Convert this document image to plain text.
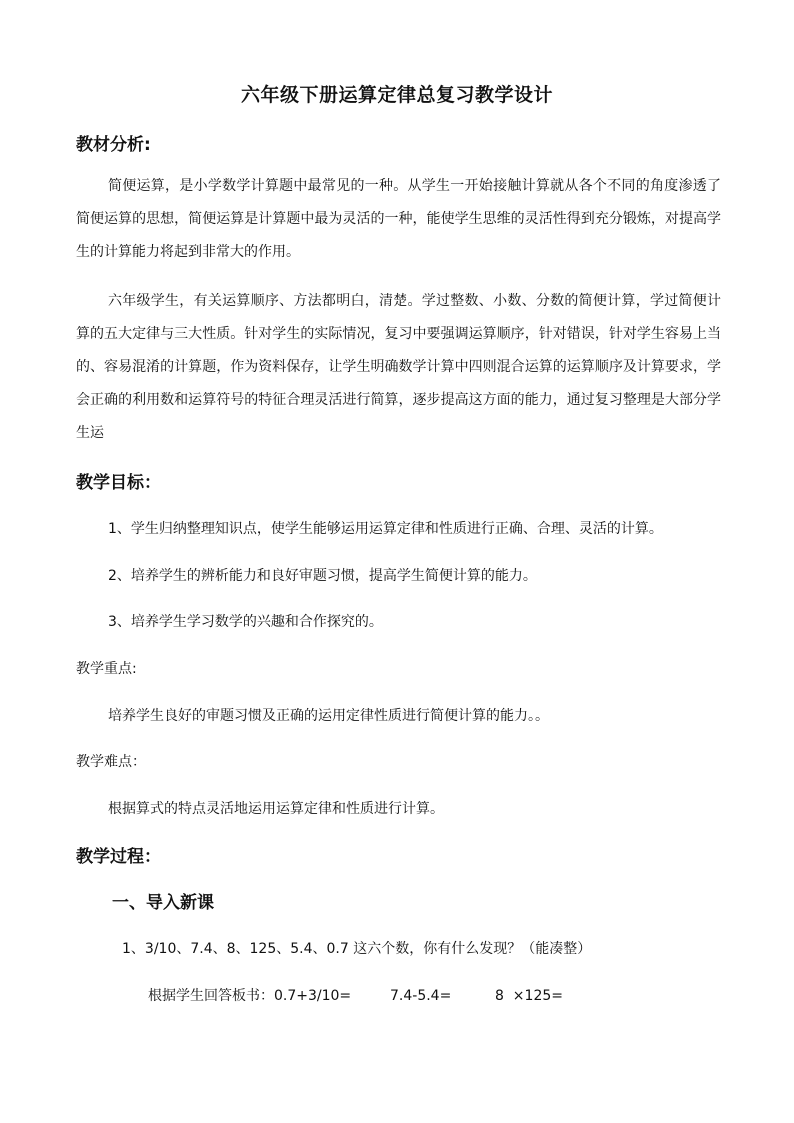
六年级下册运算定律总复习教学设计
教材分析:
简便运算，是小学数学计算题中最常见的一种。从学生一开始接触计算就从各个不同的角度渗透了简便运算的思想，简便运算是计算题中最为灵活的一种，能使学生思维的灵活性得到充分锻炼，对提高学生的计算能力将起到非常大的作用。
六年级学生，有关运算顺序、方法都明白，清楚。学过整数、小数、分数的简便计算，学过简便计算的五大定律与三大性质。针对学生的实际情况，复习中要强调运算顺序，针对错误，针对学生容易上当的、容易混淆的计算题，作为资料保存，让学生明确数学计算中四则混合运算的运算顺序及计算要求，学会正确的利用数和运算符号的特征合理灵活进行简算，逐步提高这方面的能力，通过复习整理是大部分学生运
教学目标：
1、学生归纳整理知识点，使学生能够运用运算定律和性质进行正确、合理、灵活的计算。
2、培养学生的辨析能力和良好审题习惯，提高学生简便计算的能力。
3、培养学生学习数学的兴趣和合作探究的。
教学重点:
培养学生良好的审题习惯及正确的运用定律性质进行简便计算的能力。。
教学难点：
根据算式的特点灵活地运用运算定律和性质进行计算。
教学过程：
一、导入新课
1、3/10、7.4、8、125、5.4、0.7 这六个数，你有什么发现？（能凑整）
根据学生回答板书：0.7+3/10=	7.4-5.4=	8  ×125=
